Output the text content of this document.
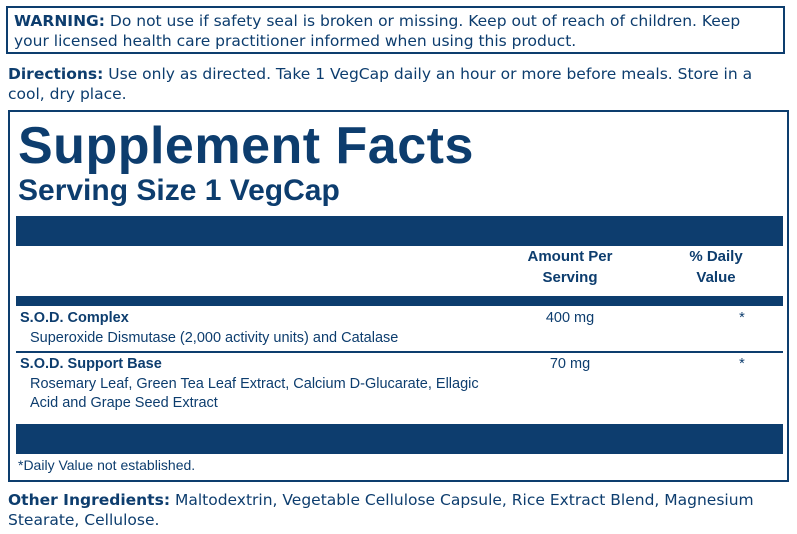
WARNING: Do not use if safety seal is broken or missing. Keep out of reach of children. Keep your licensed health care practitioner informed when using this product.
Directions: Use only as directed. Take 1 VegCap daily an hour or more before meals. Store in a cool, dry place.
Supplement Facts
Serving Size 1 VegCap
Amount Per
Serving
% Daily
Value
S.O.D. Complex
Superoxide Dismutase (2,000 activity units) and Catalase
400 mg	*
S.O.D. Support Base
Rosemary Leaf, Green Tea Leaf Extract, Calcium D-Glucarate, Ellagic Acid and Grape Seed Extract
70 mg	*
*Daily Value not established.
Other Ingredients: Maltodextrin, Vegetable Cellulose Capsule, Rice Extract Blend, Magnesium Stearate, Cellulose.
